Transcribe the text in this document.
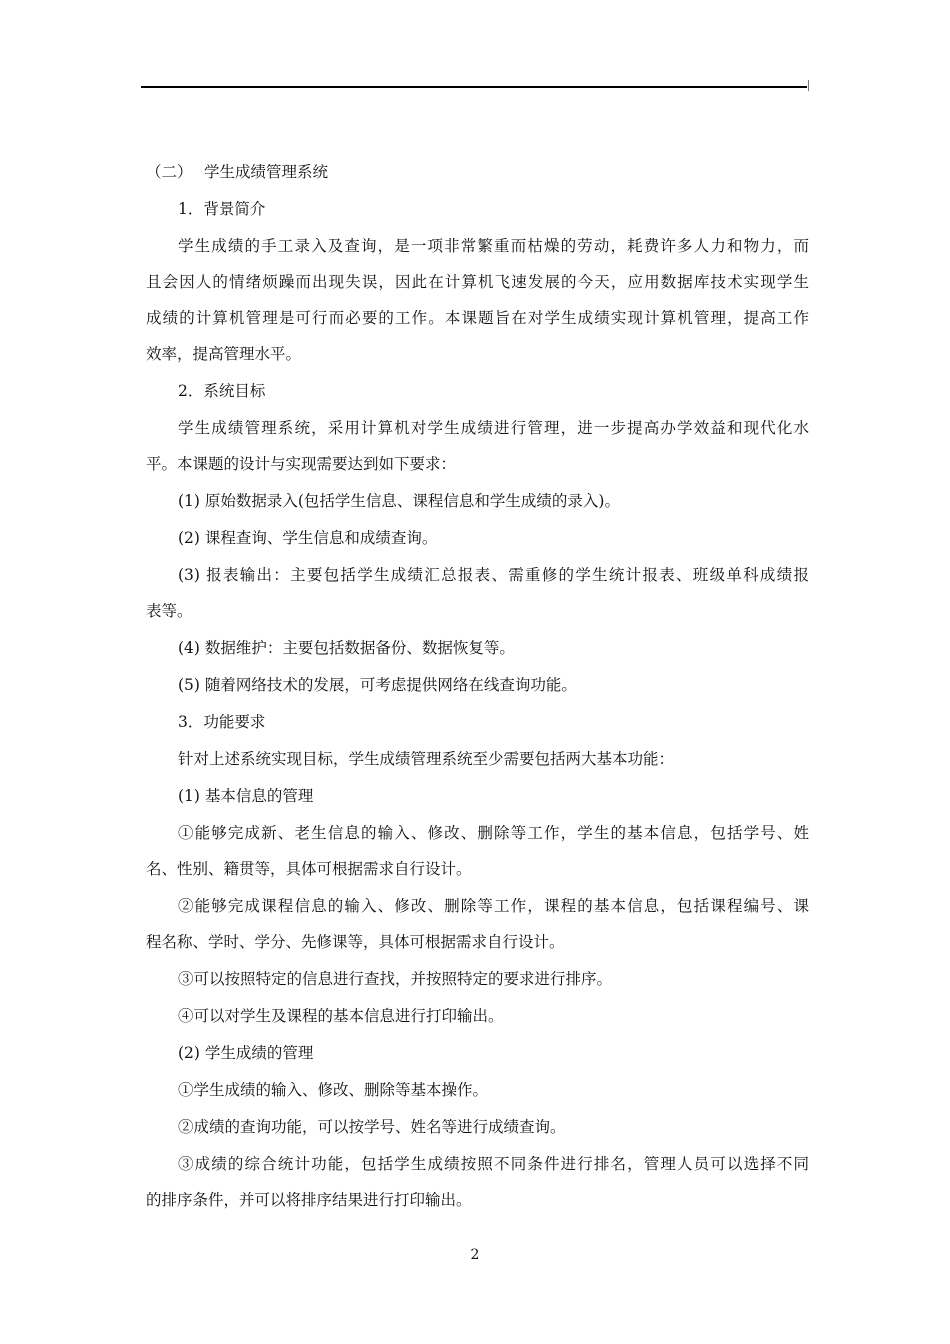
（二） 学生成绩管理系统
1．背景简介
学生成绩的手工录入及查询，是一项非常繁重而枯燥的劳动，耗费许多人力和物力，而
且会因人的情绪烦躁而出现失误，因此在计算机飞速发展的今天，应用数据库技术实现学生
成绩的计算机管理是可行而必要的工作。本课题旨在对学生成绩实现计算机管理，提高工作
效率，提高管理水平。
2．系统目标
学生成绩管理系统，采用计算机对学生成绩进行管理，进一步提高办学效益和现代化水
平。本课题的设计与实现需要达到如下要求：
(1) 原始数据录入(包括学生信息、课程信息和学生成绩的录入)。
(2) 课程查询、学生信息和成绩查询。
(3) 报表输出：主要包括学生成绩汇总报表、需重修的学生统计报表、班级单科成绩报
表等。
(4) 数据维护：主要包括数据备份、数据恢复等。
(5) 随着网络技术的发展，可考虑提供网络在线查询功能。
3．功能要求
针对上述系统实现目标，学生成绩管理系统至少需要包括两大基本功能：
(1) 基本信息的管理
①能够完成新、老生信息的输入、修改、删除等工作，学生的基本信息，包括学号、姓
名、性别、籍贯等，具体可根据需求自行设计。
②能够完成课程信息的输入、修改、删除等工作，课程的基本信息，包括课程编号、课
程名称、学时、学分、先修课等，具体可根据需求自行设计。
③可以按照特定的信息进行查找，并按照特定的要求进行排序。
④可以对学生及课程的基本信息进行打印输出。
(2) 学生成绩的管理
①学生成绩的输入、修改、删除等基本操作。
②成绩的查询功能，可以按学号、姓名等进行成绩查询。
③成绩的综合统计功能，包括学生成绩按照不同条件进行排名，管理人员可以选择不同
的排序条件，并可以将排序结果进行打印输出。
2
